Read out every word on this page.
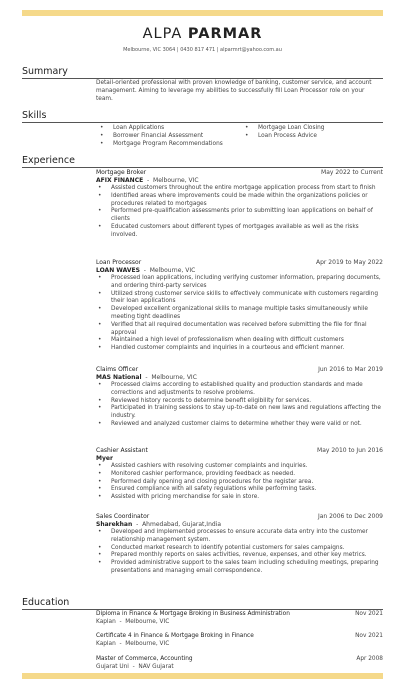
ALPA PARMAR
Melbourne, VIC 3064 | 0430 817 471 | alparmrt@yahoo.com.au
Summary
Detail-oriented professional with proven knowledge of banking, customer service, and account management. Aiming to leverage my abilities to successfully fill Loan Processor role on your team.
Skills
• Loan Applications
• Borrower Financial Assessment
• Mortgage Program Recommendations
• Mortgage Loan Closing
• Loan Process Advice
Experience
Mortgage Broker	May 2022 to Current
AFIX FINANCE  -  Melbourne, VIC
• Assisted customers throughout the entire mortgage application process from start to finish
• Identified areas where improvements could be made within the organizations policies or procedures related to mortgages
• Performed pre-qualification assessments prior to submitting loan applications on behalf of clients
• Educated customers about different types of mortgages available as well as the risks involved.
Loan Processor	Apr 2019 to May 2022
LOAN WAVES  -  Melbourne, VIC
• Processed loan applications, including verifying customer information, preparing documents, and ordering third-party services
• Utilized strong customer service skills to effectively communicate with customers regarding their loan applications
• Developed excellent organizational skills to manage multiple tasks simultaneously while meeting tight deadlines
• Verified that all required documentation was received before submitting the file for final approval
• Maintained a high level of professionalism when dealing with difficult customers
• Handled customer complaints and inquiries in a courteous and efficient manner.
Claims Officer	Jun 2016 to Mar 2019
MAS National  -  Melbourne, VIC
• Processed claims according to established quality and production standards and made corrections and adjustments to resolve problems.
• Reviewed history records to determine benefit eligibility for services.
• Participated in training sessions to stay up-to-date on new laws and regulations affecting the industry.
• Reviewed and analyzed customer claims to determine whether they were valid or not.
Cashier Assistant	May 2010 to Jun 2016
Myer
• Assisted cashiers with resolving customer complaints and inquiries.
• Monitored cashier performance, providing feedback as needed.
• Performed daily opening and closing procedures for the register area.
• Ensured compliance with all safety regulations while performing tasks.
• Assisted with pricing merchandise for sale in store.
Sales Coordinator	Jan 2006 to Dec 2009
Sharekhan  -  Ahmedabad, Gujarat,India
• Developed and implemented processes to ensure accurate data entry into the customer relationship management system.
• Conducted market research to identify potential customers for sales campaigns.
• Prepared monthly reports on sales activities, revenue, expenses, and other key metrics.
• Provided administrative support to the sales team including scheduling meetings, preparing presentations and managing email correspondence.
Education
Diploma in Finance & Mortgage Broking in Business Administration	Nov 2021
Kaplan  -  Melbourne, VIC
Certificate 4 in Finance & Mortgage Broking in Finance	Nov 2021
Kaplan  -  Melbourne, VIC
Master of Commerce, Accounting	Apr 2008
Gujarat Uni  -  NAV Gujarat
